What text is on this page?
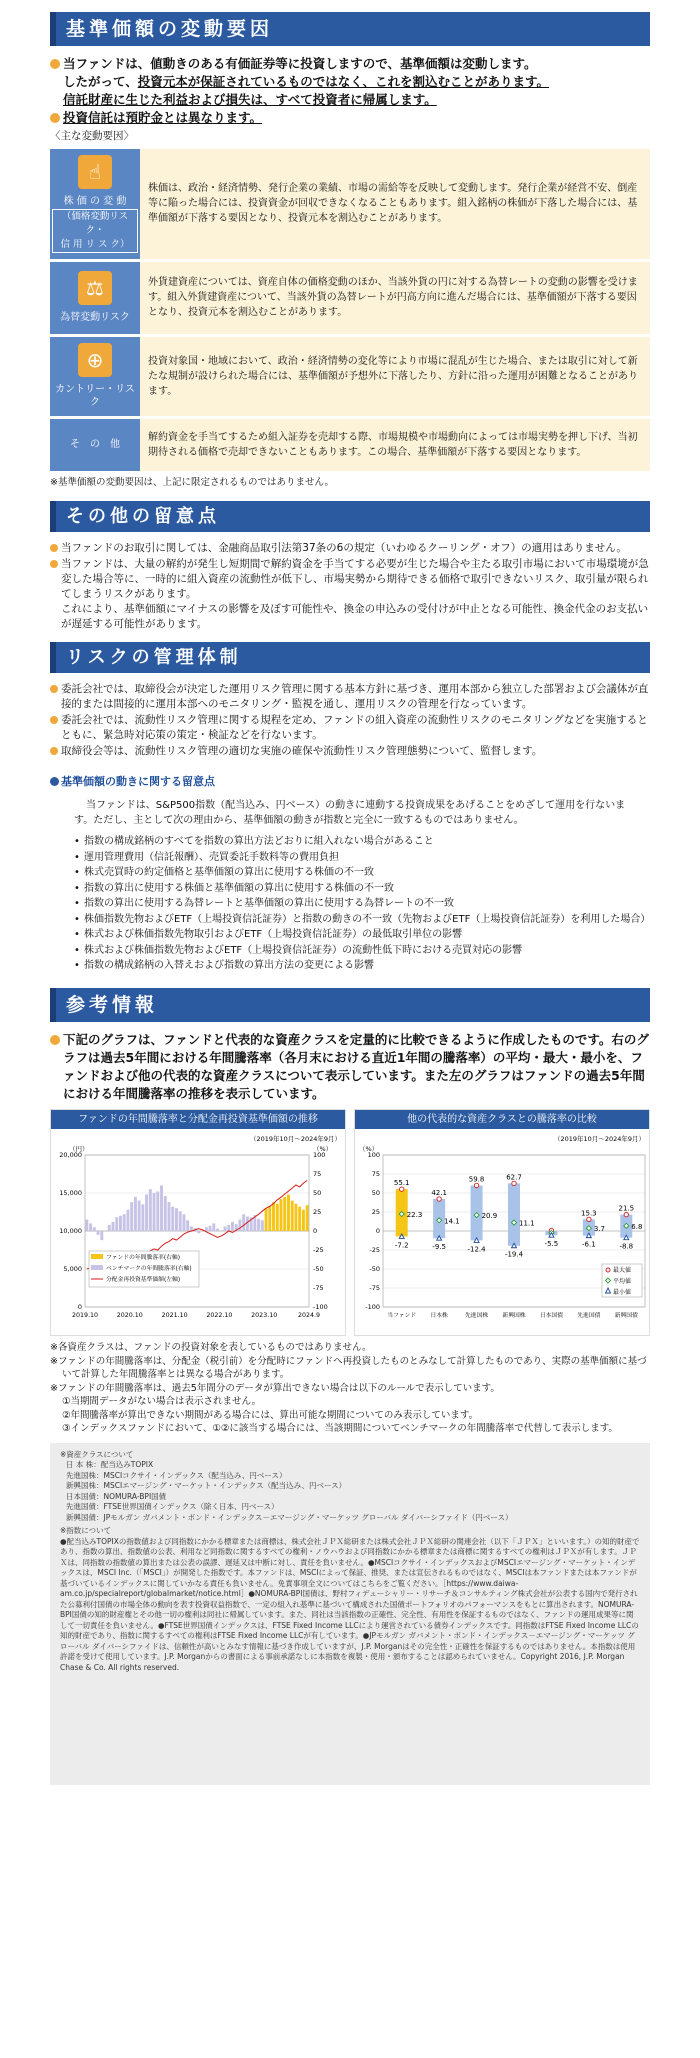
基準価額の変動要因

当ファンドは、値動きのある有価証券等に投資しますので、基準価額は変動します。
したがって、投資元本が保証されているものではなく、これを割込むことがあります。
信託財産に生じた利益および損失は、すべて投資者に帰属します。

投資信託は預貯金とは異なります。

〈主な変動要因〉
☝
株 価 の 変 動
（価格変動リスク・
信 用 リ ス ク）	株価は、政治・経済情勢、発行企業の業績、市場の需給等を反映して変動します。発行企業が経営不安、倒産等に陥った場合には、投資資金が回収できなくなることもあります。組入銘柄の株価が下落した場合には、基準価額が下落する要因となり、投資元本を割込むことがあります。

⚖
為替変動リスク	外貨建資産については、資産自体の価格変動のほか、当該外貨の円に対する為替レートの変動の影響を受けます。組入外貨建資産について、当該外貨の為替レートが円高方向に進んだ場合には、基準価額が下落する要因となり、投資元本を割込むことがあります。

⊕
カントリー・リスク	投資対象国・地域において、政治・経済情勢の変化等により市場に混乱が生じた場合、または取引に対して新たな規制が設けられた場合には、基準価額が予想外に下落したり、方針に沿った運用が困難となることがあります。

そ　の　他	解約資金を手当てするため組入証券を売却する際、市場規模や市場動向によっては市場実勢を押し下げ、当初期待される価格で売却できないこともあります。この場合、基準価額が下落する要因となります。
※基準価額の変動要因は、上記に限定されるものではありません。
その他の留意点

当ファンドのお取引に関しては、金融商品取引法第37条の6の規定（いわゆるクーリング・オフ）の適用はありません。

当ファンドは、大量の解約が発生し短期間で解約資金を手当てする必要が生じた場合や主たる取引市場において市場環境が急変した場合等に、一時的に組入資産の流動性が低下し、市場実勢から期待できる価格で取引できないリスク、取引量が限られてしまうリスクがあります。
これにより、基準価額にマイナスの影響を及ぼす可能性や、換金の申込みの受付けが中止となる可能性、換金代金のお支払いが遅延する可能性があります。

リスクの管理体制

委託会社では、取締役会が決定した運用リスク管理に関する基本方針に基づき、運用本部から独立した部署および会議体が直接的または間接的に運用本部へのモニタリング・監視を通し、運用リスクの管理を行なっています。

委託会社では、流動性リスク管理に関する規程を定め、ファンドの組入資産の流動性リスクのモニタリングなどを実施するとともに、緊急時対応策の策定・検証などを行ないます。

取締役会等は、流動性リスク管理の適切な実施の確保や流動性リスク管理態勢について、監督します。

基準価額の動きに関する留意点
当ファンドは、S&P500指数（配当込み、円ベース）の動きに連動する投資成果をあげることをめざして運用を行ないます。ただし、主として次の理由から、基準価額の動きが指数と完全に一致するものではありません。
• 指数の構成銘柄のすべてを指数の算出方法どおりに組入れない場合があること
• 運用管理費用（信託報酬）、売買委託手数料等の費用負担
• 株式売買時の約定価格と基準価額の算出に使用する株価の不一致
• 指数の算出に使用する株価と基準価額の算出に使用する株価の不一致
• 指数の算出に使用する為替レートと基準価額の算出に使用する為替レートの不一致
• 株価指数先物およびETF（上場投資信託証券）と指数の動きの不一致（先物およびETF（上場投資信託証券）を利用した場合）
• 株式および株価指数先物取引およびETF（上場投資信託証券）の最低取引単位の影響
• 株式および株価指数先物およびETF（上場投資信託証券）の流動性低下時における売買対応の影響
• 指数の構成銘柄の入替えおよび指数の算出方法の変更による影響
参考情報

下記のグラフは、ファンドと代表的な資産クラスを定量的に比較できるように作成したものです。右のグラフは過去5年間における年間騰落率（各月末における直近1年間の騰落率）の平均・最大・最小を、ファンドおよび他の代表的な資産クラスについて表示しています。また左のグラフはファンドの過去5年間における年間騰落率の推移を表示しています。

ファンドの年間騰落率と分配金再投資基準価額の推移
（2019年10月～2024年9月）
（円）	（%）
20,000
15,000
10,000
5,000
0
100
75
50
25
0
-25
-50
-75
-100
2019.10	2020.10	2021.10	2022.10	2023.10	2024.9
ファンドの年間騰落率(右軸)
ベンチマークの年間騰落率(右軸)
分配金再投資基準価額(左軸)
他の代表的な資産クラスとの騰落率の比較
（2019年10月～2024年9月）
（%）
100
75
50
25
0
-25
-50
-75
-100
55.1
22.3
-7.2
当ファンド
42.1
14.1
-9.5
日本株
59.8
20.9
-12.4
先進国株
62.7
11.1
-19.4
新興国株
-5.5
日本国債
15.3
3.7
-6.1
先進国債
21.5
6.8
-8.8
新興国債
最大値
平均値
最小値

※各資産クラスは、ファンドの投資対象を表しているものではありません。

※ファンドの年間騰落率は、分配金（税引前）を分配時にファンドへ再投資したものとみなして計算したものであり、実際の基準価額に基づいて計算した年間騰落率とは異なる場合があります。

※ファンドの年間騰落率は、過去5年間分のデータが算出できない場合は以下のルールで表示しています。

①当期間データがない場合は表示されません。

②年間騰落率が算出できない期間がある場合には、算出可能な期間についてのみ表示しています。

③インデックスファンドにおいて、①②に該当する場合には、当該期間についてベンチマークの年間騰落率で代替して表示します。

※資産クラスについて
日 本 株：配当込みTOPIX
先進国株：MSCIコクサイ・インデックス（配当込み、円ベース）
新興国株：MSCIエマージング・マーケット・インデックス（配当込み、円ベース）
日本国債：NOMURA-BPI国債
先進国債：FTSE世界国債インデックス（除く日本、円ベース）
新興国債：JPモルガン ガバメント・ボンド・インデックス－エマージング・マーケッツ グローバル ダイバーシファイド（円ベース）
※指数について
●配当込みTOPIXの指数値および同指数にかかる標章または商標は、株式会社ＪＰＸ総研または株式会社ＪＰＸ総研の関連会社（以下「ＪＰＸ」といいます。）の知的財産であり、指数の算出、指数値の公表、利用など同指数に関するすべての権利・ノウハウおよび同指数にかかる標章または商標に関するすべての権利はＪＰＸが有します。ＪＰＸは、同指数の指数値の算出または公表の誤謬、遅延又は中断に対し、責任を負いません。●MSCIコクサイ・インデックスおよびMSCIエマージング・マーケット・インデックスは、MSCI Inc.（「MSCI」）が開発した指数です。本ファンドは、MSCIによって保証、推奨、または宣伝されるものではなく、MSCIは本ファンドまたは本ファンドが基づいているインデックスに関していかなる責任も負いません。免責事項全文についてはこちらをご覧ください。［https://www.daiwa-am.co.jp/specialreport/globalmarket/notice.html］●NOMURA-BPI国債は、野村フィデューシャリー・リサーチ＆コンサルティング株式会社が公表する国内で発行された公募利付国債の市場全体の動向を表す投資収益指数で、一定の組入れ基準に基づいて構成された国債ポートフォリオのパフォーマンスをもとに算出されます。NOMURA-BPI国債の知的財産権とその他一切の権利は同社に帰属しています。また、同社は当該指数の正確性、完全性、有用性を保証するものではなく、ファンドの運用成果等に関して一切責任を負いません。●FTSE世界国債インデックスは、FTSE Fixed Income LLCにより運営されている債券インデックスです。同指数はFTSE Fixed Income LLCの知的財産であり、指数に関するすべての権利はFTSE Fixed Income LLCが有しています。●JPモルガン ガバメント・ボンド・インデックス－エマージング・マーケッツ グローバル ダイバーシファイドは、信頼性が高いとみなす情報に基づき作成していますが、J.P. Morganはその完全性・正確性を保証するものではありません。本指数は使用許諾を受けて使用しています。J.P. Morganからの書面による事前承諾なしに本指数を複製・使用・頒布することは認められていません。Copyright 2016, J.P. Morgan Chase & Co. All rights reserved.
